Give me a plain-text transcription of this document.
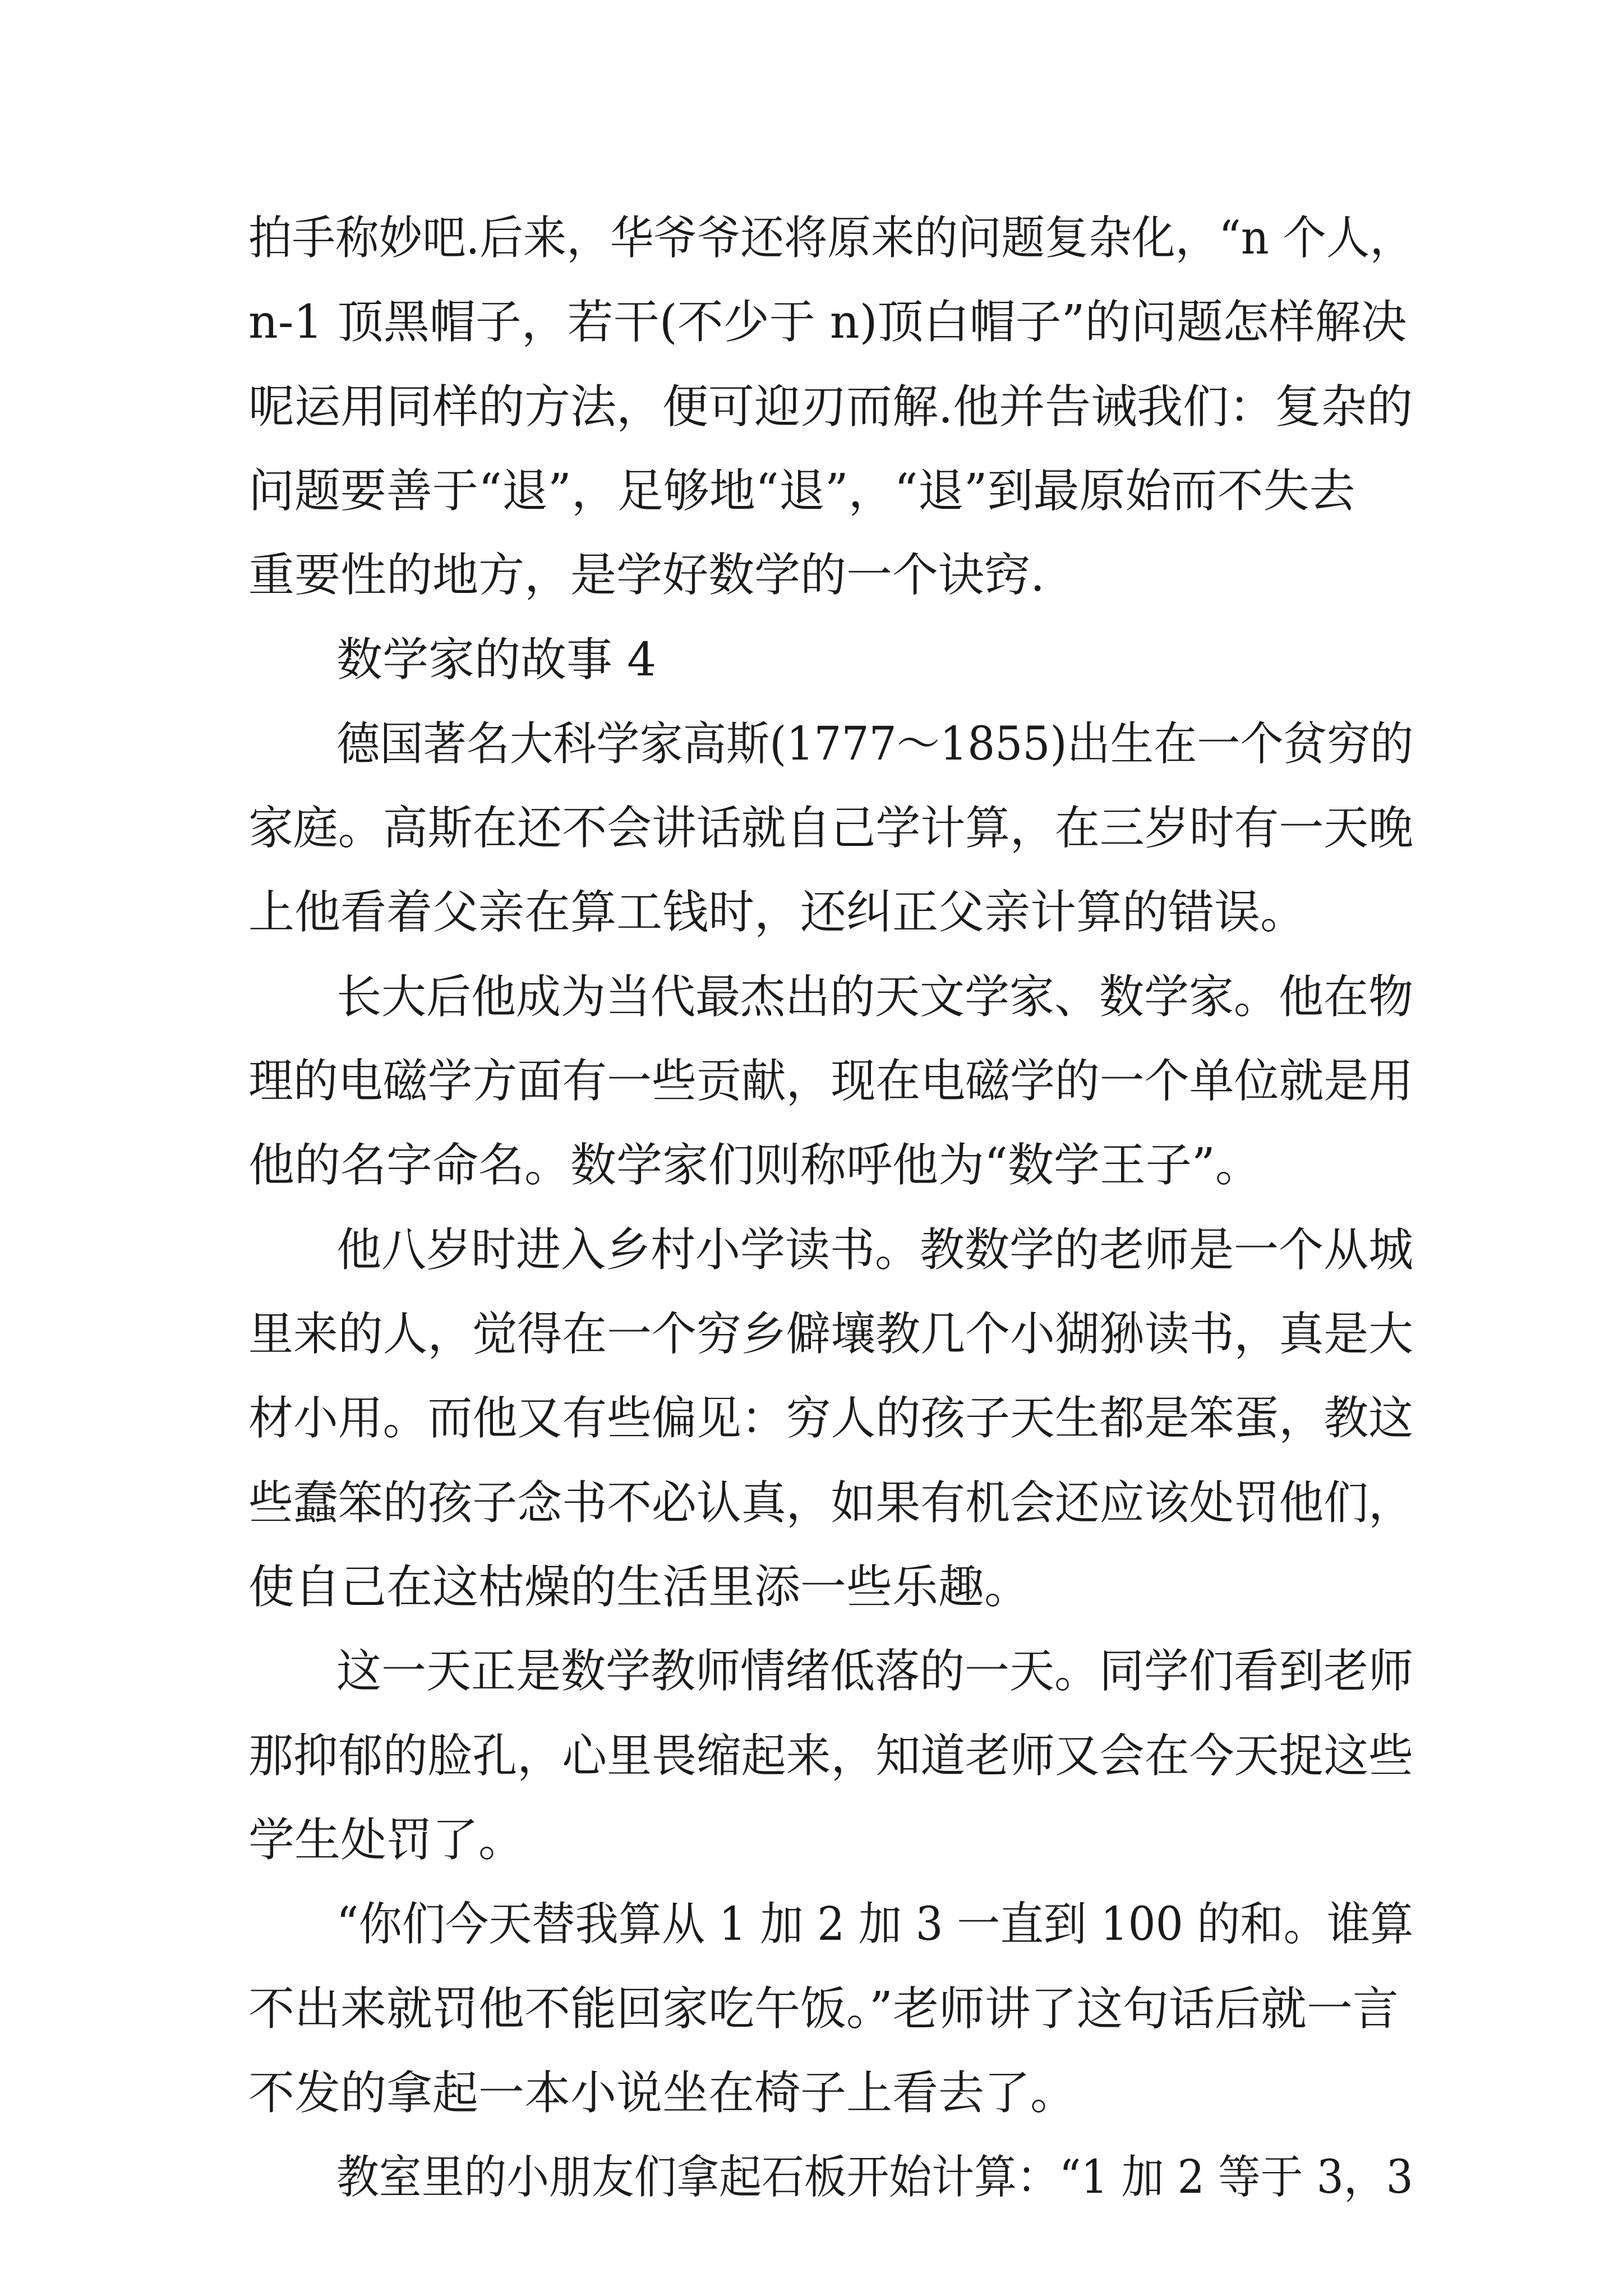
拍手称妙吧.后来，华爷爷还将原来的问题复杂化，“n 个人，
n-1 顶黑帽子，若干(不少于 n)顶白帽子”的问题怎样解决
呢运用同样的方法，便可迎刃而解.他并告诫我们：复杂的
问题要善于“退”，足够地“退”，“退”到最原始而不失去
重要性的地方，是学好数学的一个诀窍.
数学家的故事 4
德国著名大科学家高斯(1777～1855)出生在一个贫穷的
家庭。高斯在还不会讲话就自己学计算，在三岁时有一天晚
上他看着父亲在算工钱时，还纠正父亲计算的错误。
长大后他成为当代最杰出的天文学家、数学家。他在物
理的电磁学方面有一些贡献，现在电磁学的一个单位就是用
他的名字命名。数学家们则称呼他为“数学王子”。
他八岁时进入乡村小学读书。教数学的老师是一个从城
里来的人，觉得在一个穷乡僻壤教几个小猢狲读书，真是大
材小用。而他又有些偏见：穷人的孩子天生都是笨蛋，教这
些蠢笨的孩子念书不必认真，如果有机会还应该处罚他们，
使自己在这枯燥的生活里添一些乐趣。
这一天正是数学教师情绪低落的一天。同学们看到老师
那抑郁的脸孔，心里畏缩起来，知道老师又会在今天捉这些
学生处罚了。
“你们今天替我算从 1 加 2 加 3 一直到 100 的和。谁算
不出来就罚他不能回家吃午饭。”老师讲了这句话后就一言
不发的拿起一本小说坐在椅子上看去了。
教室里的小朋友们拿起石板开始计算：“1 加 2 等于 3，3
